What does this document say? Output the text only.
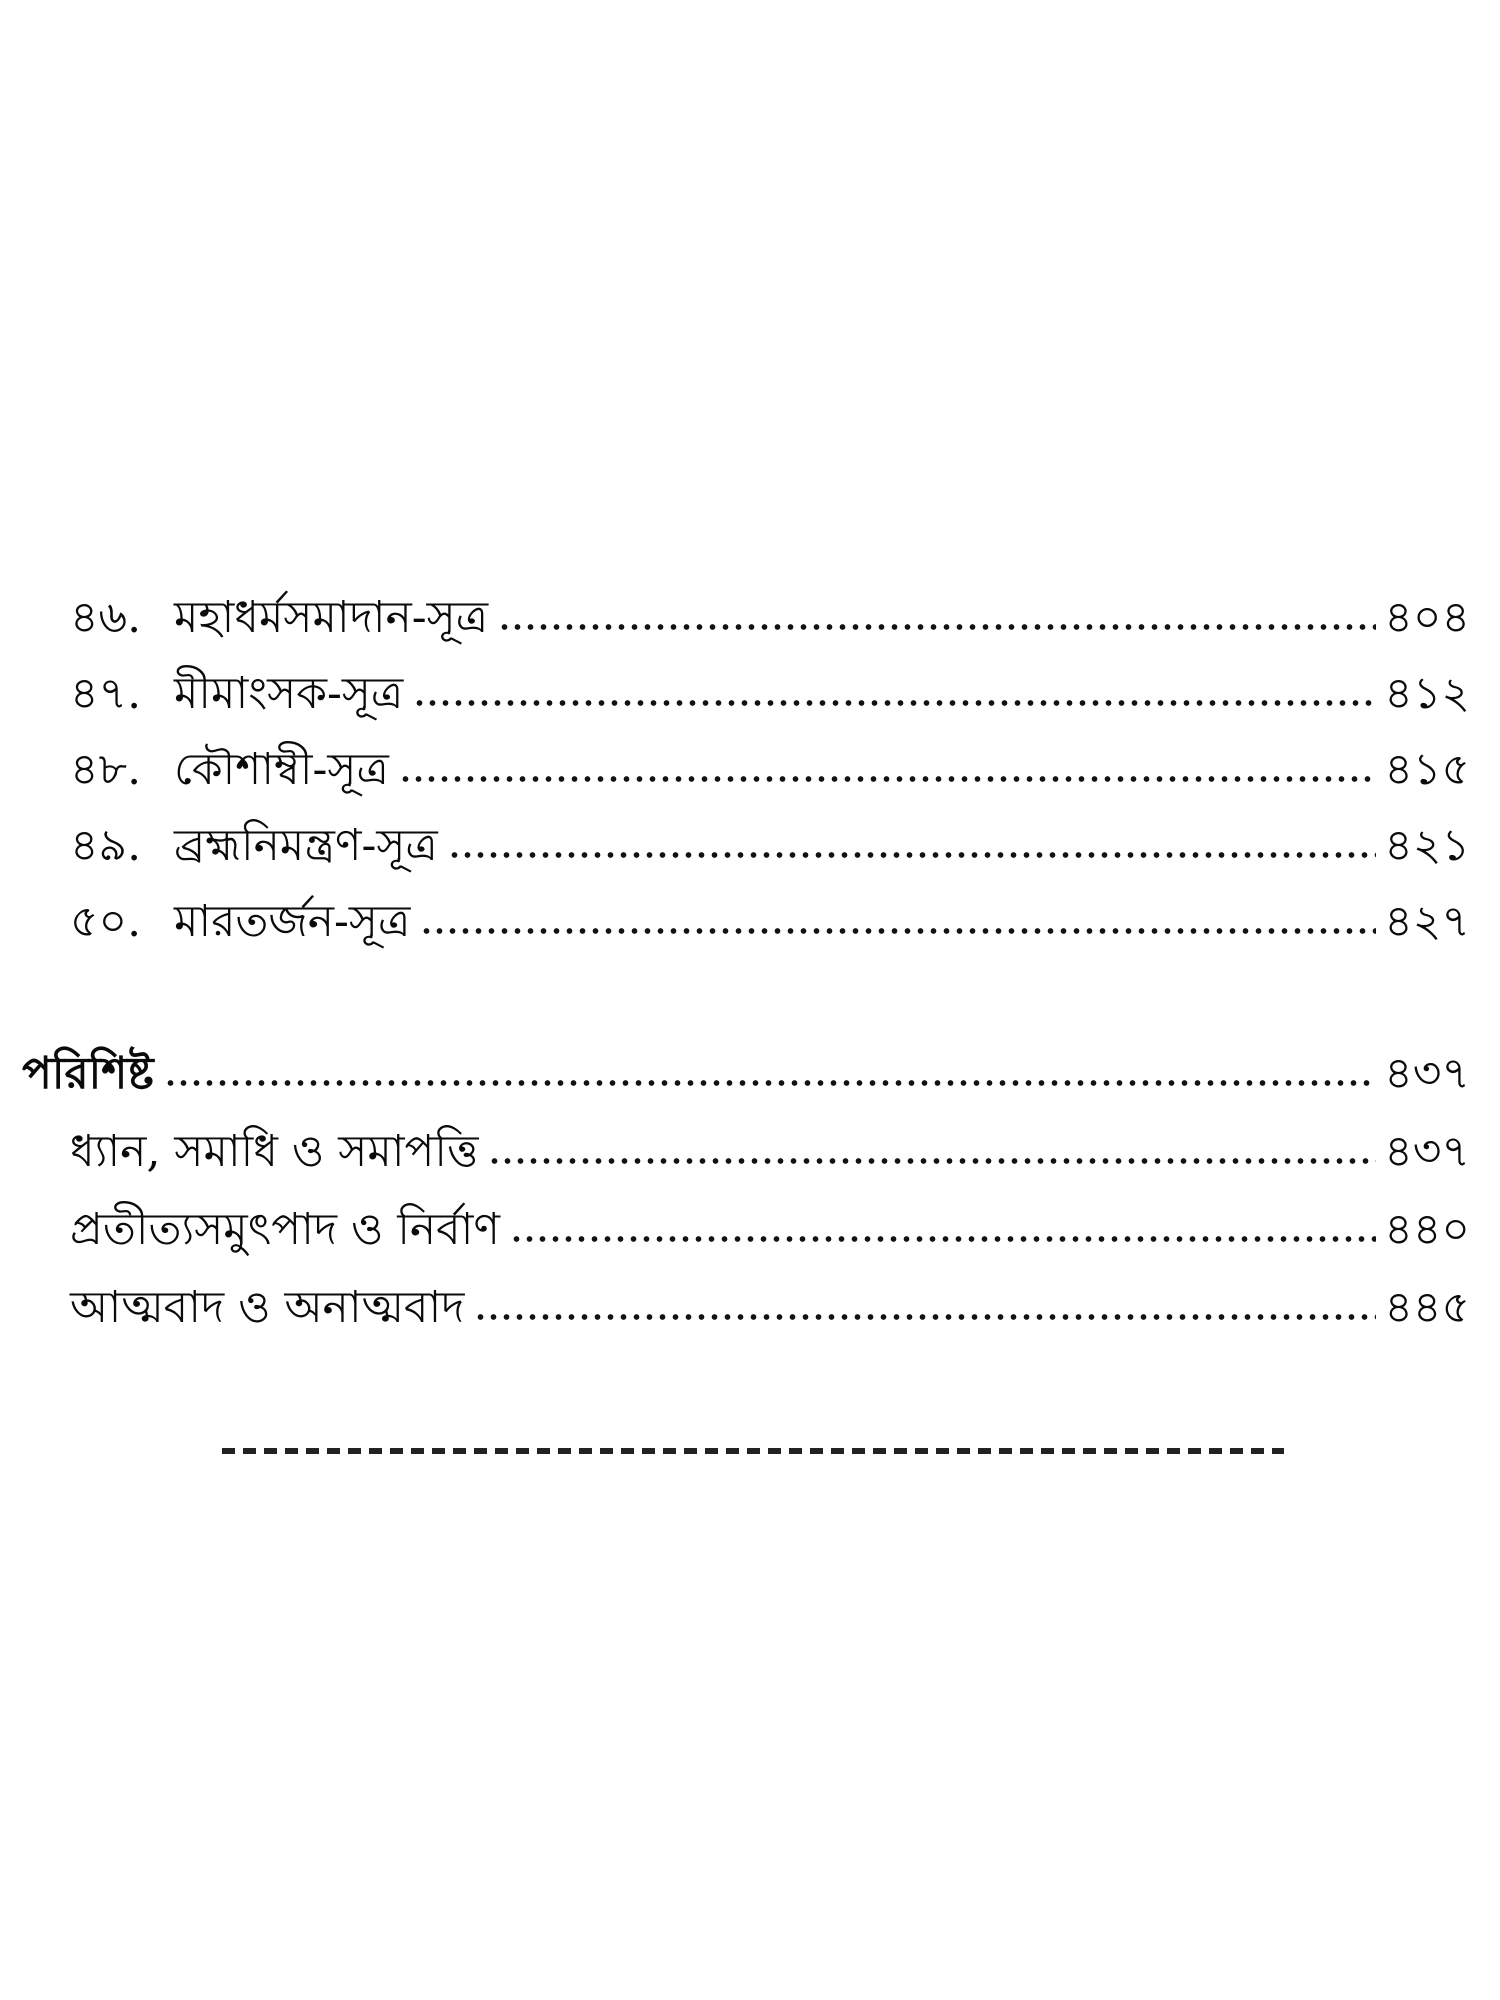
৪৬. মহাধর্মসমাদান-সূত্র	৪০৪
৪৭. মীমাংসক-সূত্র	৪১২
৪৮. কৌশাম্বী-সূত্র	৪১৫
৪৯. ব্রহ্মনিমন্ত্রণ-সূত্র	৪২১
৫০. মারতর্জন-সূত্র	৪২৭
পরিশিষ্ট	৪৩৭
ধ্যান, সমাধি ও সমাপত্তি	৪৩৭
প্রতীত্যসমুৎপাদ ও নির্বাণ	৪৪০
আত্মবাদ ও অনাত্মবাদ	৪৪৫
